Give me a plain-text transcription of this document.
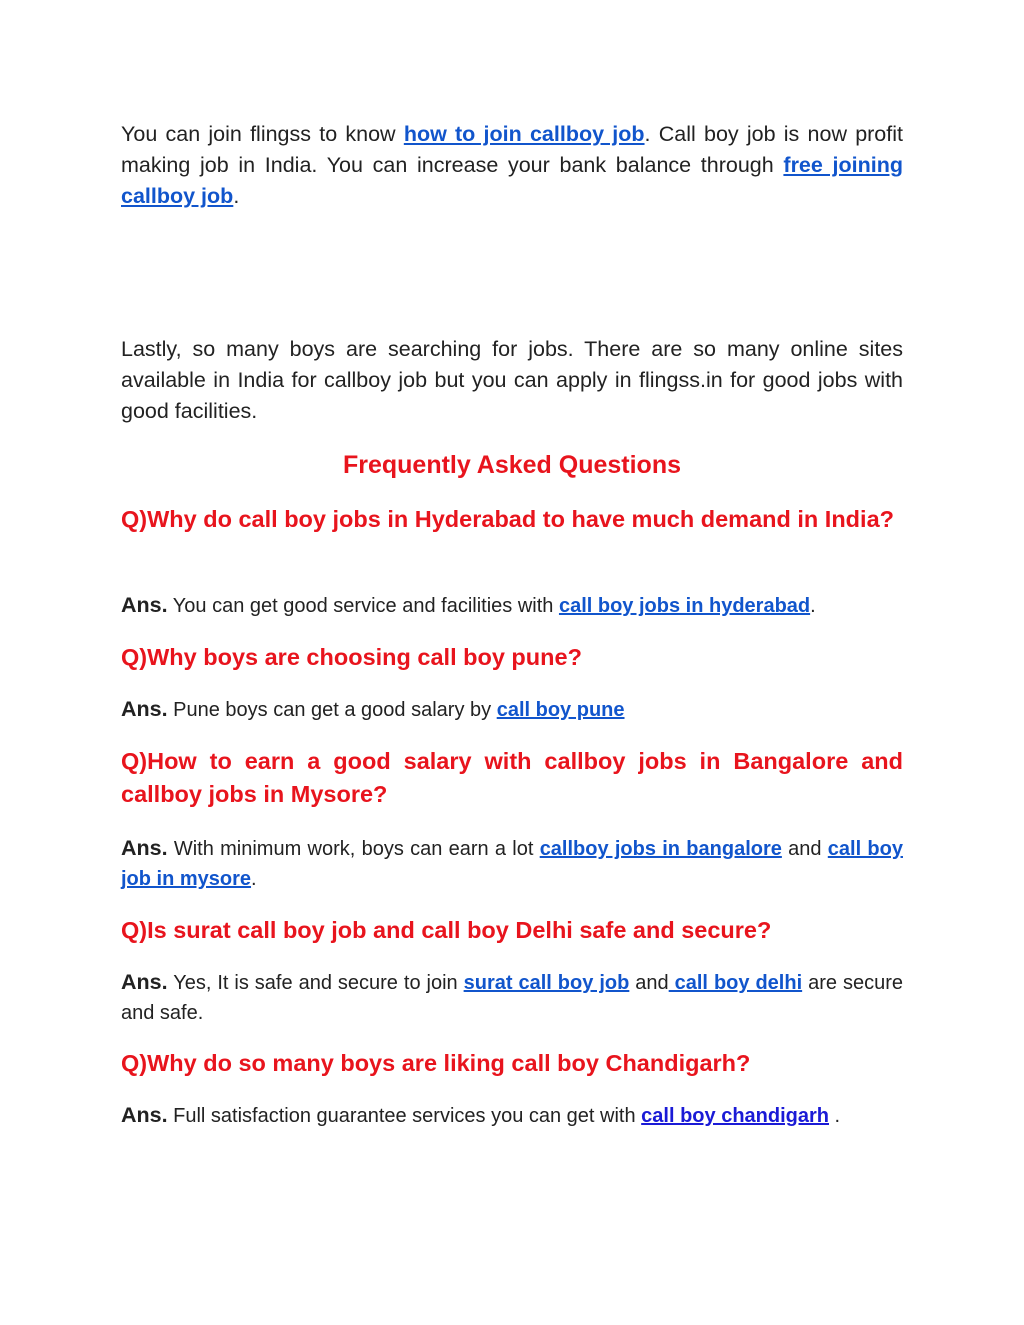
You can join flingss to know how to join callboy job. Call boy job is now profit making job in India. You can increase your bank balance through free joining callboy job.

Lastly, so many boys are searching for jobs. There are so many online sites available in India for callboy job but you can apply in flingss.in for good jobs with good facilities.

Frequently Asked Questions
Q)Why do call boy jobs in Hyderabad to have much demand in India?

Ans. You can get good service and facilities with call boy jobs in hyderabad.

Q)Why boys are choosing call boy pune?

Ans. Pune boys can get a good salary by call boy pune

Q)How to earn a good salary with callboy jobs in Bangalore and callboy jobs in Mysore?

Ans. With minimum work, boys can earn a lot callboy jobs in bangalore and call boy job in mysore.

Q)Is surat call boy job and call boy Delhi safe and secure?

Ans. Yes, It is safe and secure to join surat call boy job and call boy delhi are secure and safe.

Q)Why do so many boys are liking call boy Chandigarh?

Ans. Full satisfaction guarantee services you can get with call boy chandigarh .
